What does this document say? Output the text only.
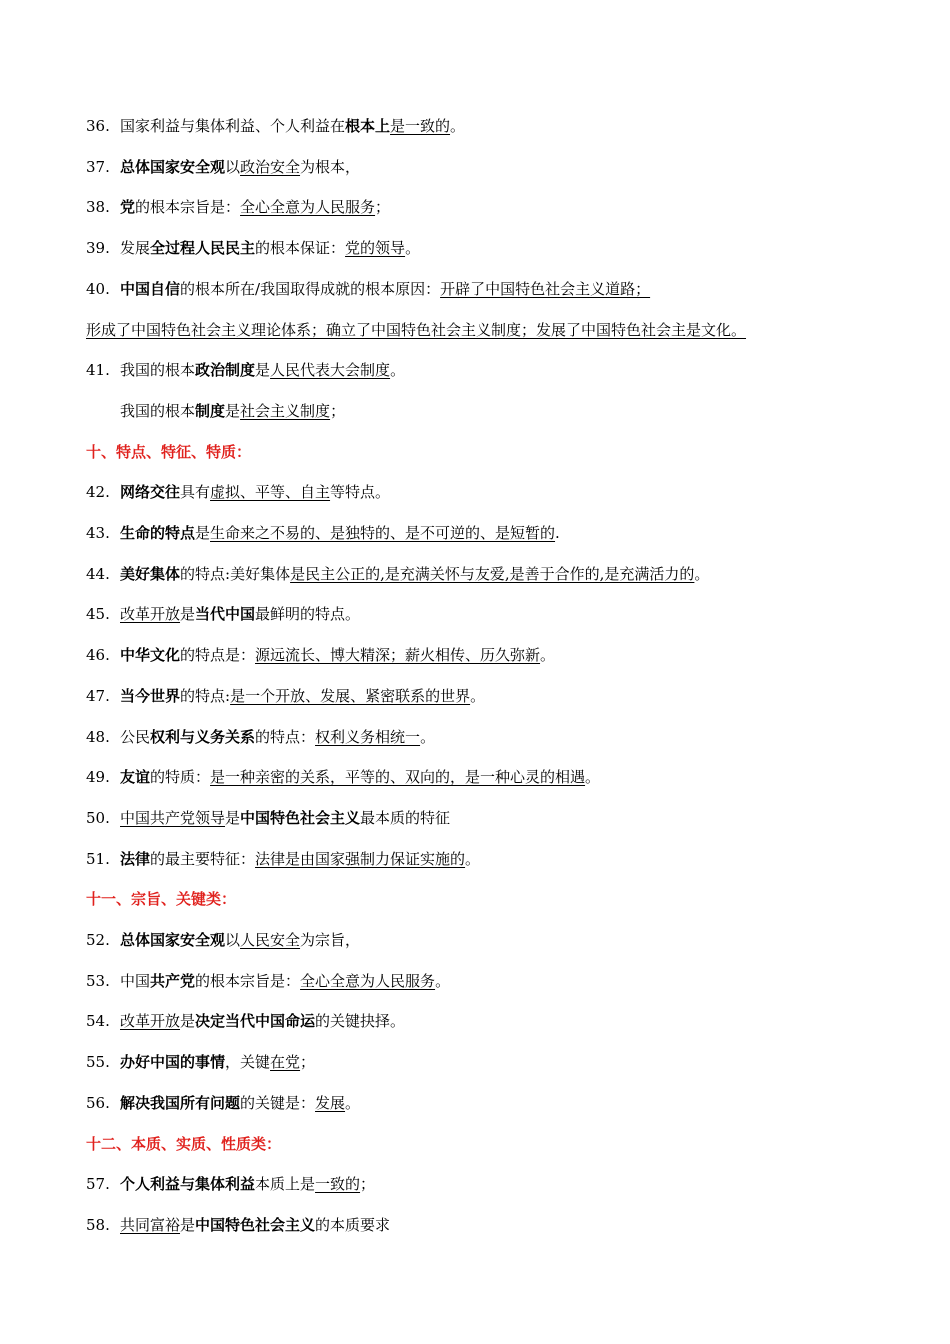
36. 国家利益与集体利益、个人利益在根本上是一致的。
37. 总体国家安全观以政治安全为根本，
38. 党的根本宗旨是：全心全意为人民服务；
39. 发展全过程人民民主的根本保证：党的领导。
40. 中国自信的根本所在/我国取得成就的根本原因：开辟了中国特色社会主义道路；
形成了中国特色社会主义理论体系；确立了中国特色社会主义制度；发展了中国特色社会主是文化。
41. 我国的根本政治制度是人民代表大会制度。
我国的根本制度是社会主义制度；
十、特点、特征、特质：
42. 网络交往具有虚拟、平等、自主等特点。
43. 生命的特点是生命来之不易的、是独特的、是不可逆的、是短暂的.
44. 美好集体的特点:美好集体是民主公正的,是充满关怀与友爱,是善于合作的,是充满活力的。
45. 改革开放是当代中国最鲜明的特点。
46. 中华文化的特点是：源远流长、博大精深；薪火相传、历久弥新。
47. 当今世界的特点:是一个开放、发展、紧密联系的世界。
48. 公民权利与义务关系的特点：权利义务相统一。
49. 友谊的特质：是一种亲密的关系，平等的、双向的，是一种心灵的相遇。
50. 中国共产党领导是中国特色社会主义最本质的特征
51. 法律的最主要特征：法律是由国家强制力保证实施的。
十一、宗旨、关键类：
52. 总体国家安全观以人民安全为宗旨，
53. 中国共产党的根本宗旨是：全心全意为人民服务。
54. 改革开放是决定当代中国命运的关键抉择。
55. 办好中国的事情，关键在党；
56. 解决我国所有问题的关键是：发展。
十二、本质、实质、性质类：
57. 个人利益与集体利益本质上是一致的；
58. 共同富裕是中国特色社会主义的本质要求
